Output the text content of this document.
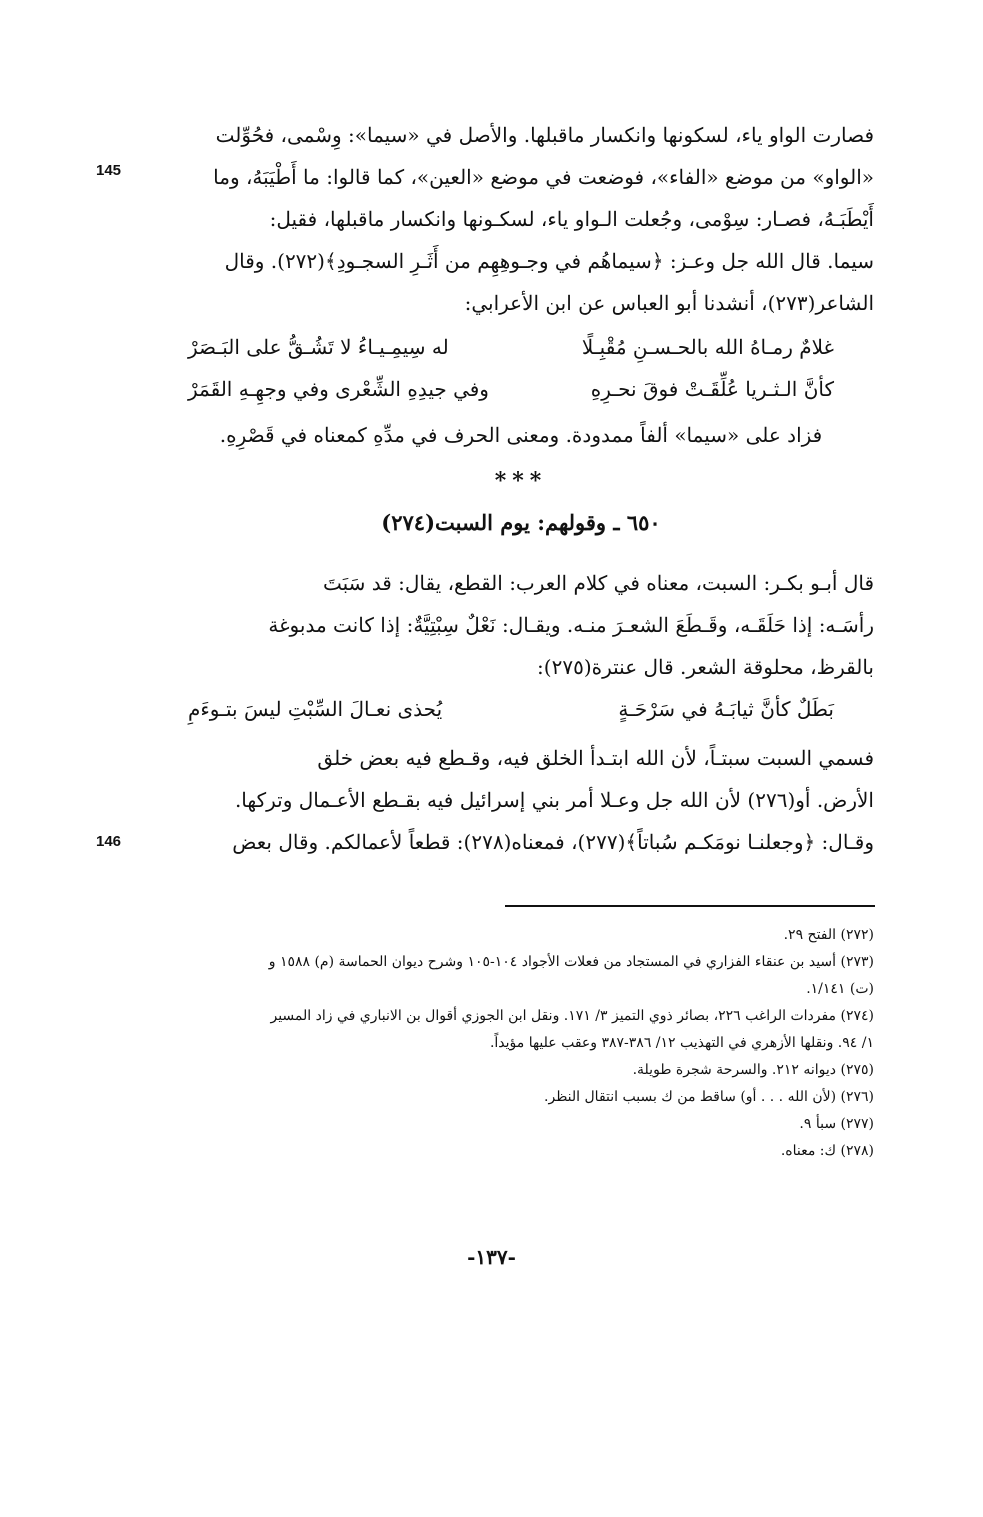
145
146
فصارت الواو ياء، لسكونها وانكسار ماقبلها. والأصل في «سيما»: وِسْمى، فحُوِّلت
«الواو» من موضع «الفاء»، فوضعت في موضع «العين»، كما قالوا: ما أَطْيَبَهُ، وما
أَيْطَبَـهُ، فصـار: سِوْمى، وجُعلت الـواو ياء، لسكـونها وانكسار ماقبلها، فقيل:
سيما. قال الله جل وعـز: ﴿سيماهُم في وجـوهِهِم من أَثَـرِ السجـودِ﴾(٢٧٢). وقال
الشاعر(٢٧٣)، أنشدنا أبو العباس عن ابن الأعرابي:
غلامٌ رمـاهُ الله بالحـسـنِ مُقْبِـلًا
له سِيمِـيـاءُ لا تَشُـقُّ على البَـصَرْ
كأنَّ الـثـريا عُلِّقَـتْ فوقَ نحـرِهِ
وفي جيدِهِ الشِّعْرى وفي وجهِـهِ القَمَرْ
فزاد على «سيما» ألفاً ممدودة. ومعنى الحرف في مدِّهِ كمعناه في قَصْرِهِ.
***
٦٥٠ ـ وقولهم: يوم السبت(٢٧٤)
قال أبـو بكـر: السبت، معناه في كلام العرب: القطع، يقال: قد سَبَتَ
رأسَـه: إذا حَلَقَـه، وقَـطَعَ الشعـرَ منـه. ويقـال: نَعْلٌ سِبْتِيَّةٌ: إذا كانت مدبوغة
بالقرظ، محلوقة الشعر. قال عنترة(٢٧٥):
بَطَلٌ كأنَّ ثيابَـهُ في سَرْحَـةٍ
يُحذى نعـالَ السِّبْتِ ليسَ بتـوءَمِ
فسمي السبت سبتـاً، لأن الله ابتـدأ الخلق فيه، وقـطع فيه بعض خلق
الأرض. أو(٢٧٦) لأن الله جل وعـلا أمر بني إسرائيل فيه بقـطع الأعـمال وتركها.
وقـال: ﴿وجعلنـا نومَكـم سُباتاً﴾(٢٧٧)، فمعناه(٢٧٨): قطعاً لأعمالكم. وقال بعض
(٢٧٢) الفتح ٢٩.
(٢٧٣) أسيد بن عنقاء الفزاري في المستجاد من فعلات الأجواد ١٠٤-١٠٥ وشرح ديوان الحماسة (م) ١٥٨٨ و
(ت) ١/١٤١.
(٢٧٤) مفردات الراغب ٢٢٦، بصائر ذوي التميز ٣/ ١٧١. ونقل ابن الجوزي أقوال بن الانباري في زاد المسير
١/ ٩٤. ونقلها الأزهري في التهذيب ١٢/ ٣٨٦-٣٨٧ وعقب عليها مؤيداً.
(٢٧٥) ديوانه ٢١٢. والسرحة شجرة طويلة.
(٢٧٦) (لأن الله . . . أو) ساقط من ك بسبب انتقال النظر.
(٢٧٧) سبأ ٩.
(٢٧٨) ك: معناه.
-١٣٧-
